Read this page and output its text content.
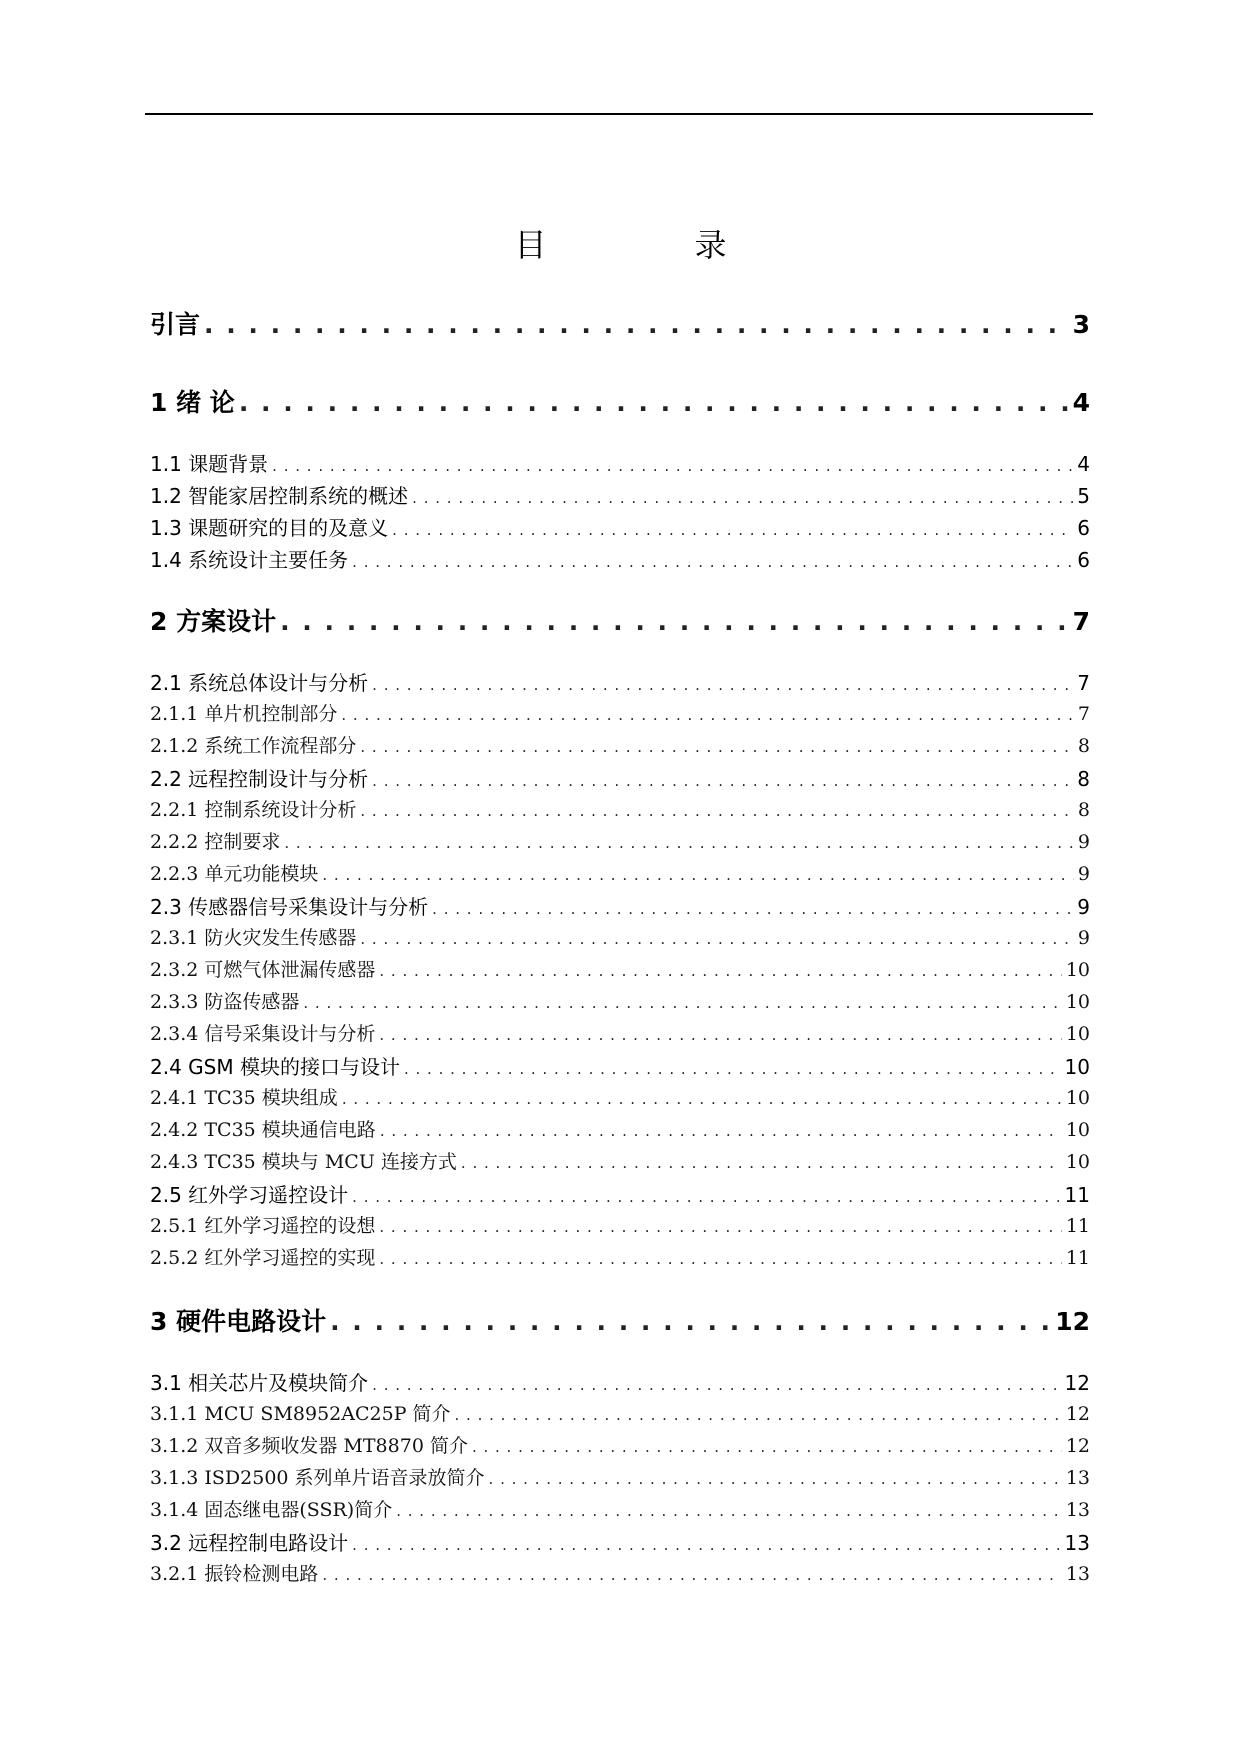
目　录
引言 . . .	3
1 绪 论 . . .	4
1.1 课题背景 . . .	4
1.2 智能家居控制系统的概述 . . .	5
1.3 课题研究的目的及意义 . . .	6
1.4 系统设计主要任务 . . .	6
2 方案设计 . . .	7
2.1 系统总体设计与分析 . . .	7
2.1.1 单片机控制部分 . . .	7
2.1.2 系统工作流程部分 . . .	8
2.2 远程控制设计与分析 . . .	8
2.2.1 控制系统设计分析 . . .	8
2.2.2 控制要求 . . .	9
2.2.3 单元功能模块 . . .	9
2.3 传感器信号采集设计与分析 . . .	9
2.3.1 防火灾发生传感器 . . .	9
2.3.2 可燃气体泄漏传感器 . . .	10
2.3.3 防盗传感器 . . .	10
2.3.4 信号采集设计与分析 . . .	10
2.4 GSM 模块的接口与设计 . . .	10
2.4.1 TC35 模块组成 . . .	10
2.4.2 TC35 模块通信电路 . . .	10
2.4.3 TC35 模块与 MCU 连接方式 . . .	10
2.5 红外学习遥控设计 . . .	11
2.5.1 红外学习遥控的设想 . . .	11
2.5.2 红外学习遥控的实现 . . .	11
3 硬件电路设计 . . .	12
3.1 相关芯片及模块简介 . . .	12
3.1.1 MCU SM8952AC25P 简介 . . .	12
3.1.2 双音多频收发器 MT8870 简介 . . .	12
3.1.3 ISD2500 系列单片语音录放简介 . . .	13
3.1.4 固态继电器(SSR)简介 . . .	13
3.2 远程控制电路设计 . . .	13
3.2.1 振铃检测电路 . . .	13
